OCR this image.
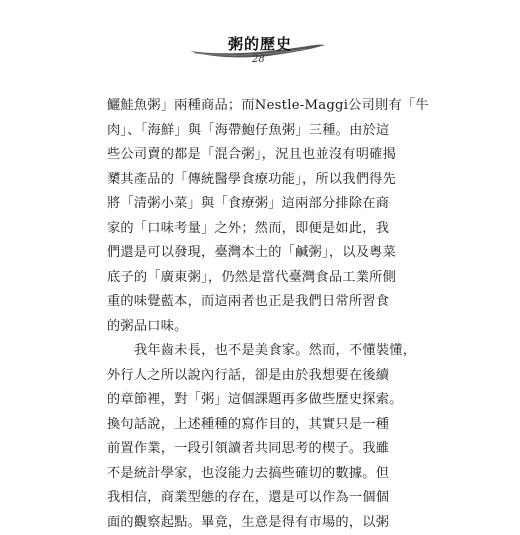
粥的歷史
28
鱺鮭魚粥」兩種商品；而Nestle-Maggi公司則有「牛
肉」、「海鮮」與「海帶鮑仔魚粥」三種。由於這
些公司賣的都是「混合粥」，況且也並沒有明確揭
櫫其產品的「傳統醫學食療功能」，所以我們得先
將「清粥小菜」與「食療粥」這兩部分排除在商
家的「口味考量」之外；然而，即便是如此，我
們還是可以發現，臺灣本土的「鹹粥」，以及粵菜
底子的「廣東粥」，仍然是當代臺灣食品工業所側
重的味覺藍本，而這兩者也正是我們日常所習食
的粥品口味。
我年齒未長，也不是美食家。然而，不懂裝懂，
外行人之所以說內行話，卻是由於我想要在後續
的章節裡，對「粥」這個課題再多做些歷史探索。
換句話說，上述種種的寫作目的，其實只是一種
前置作業，一段引領讀者共同思考的楔子。我雖
不是統計學家，也沒能力去搞些確切的數據。但
我相信，商業型態的存在，還是可以作為一個個
面的觀察起點。畢竟，生意是得有市場的，以粥
